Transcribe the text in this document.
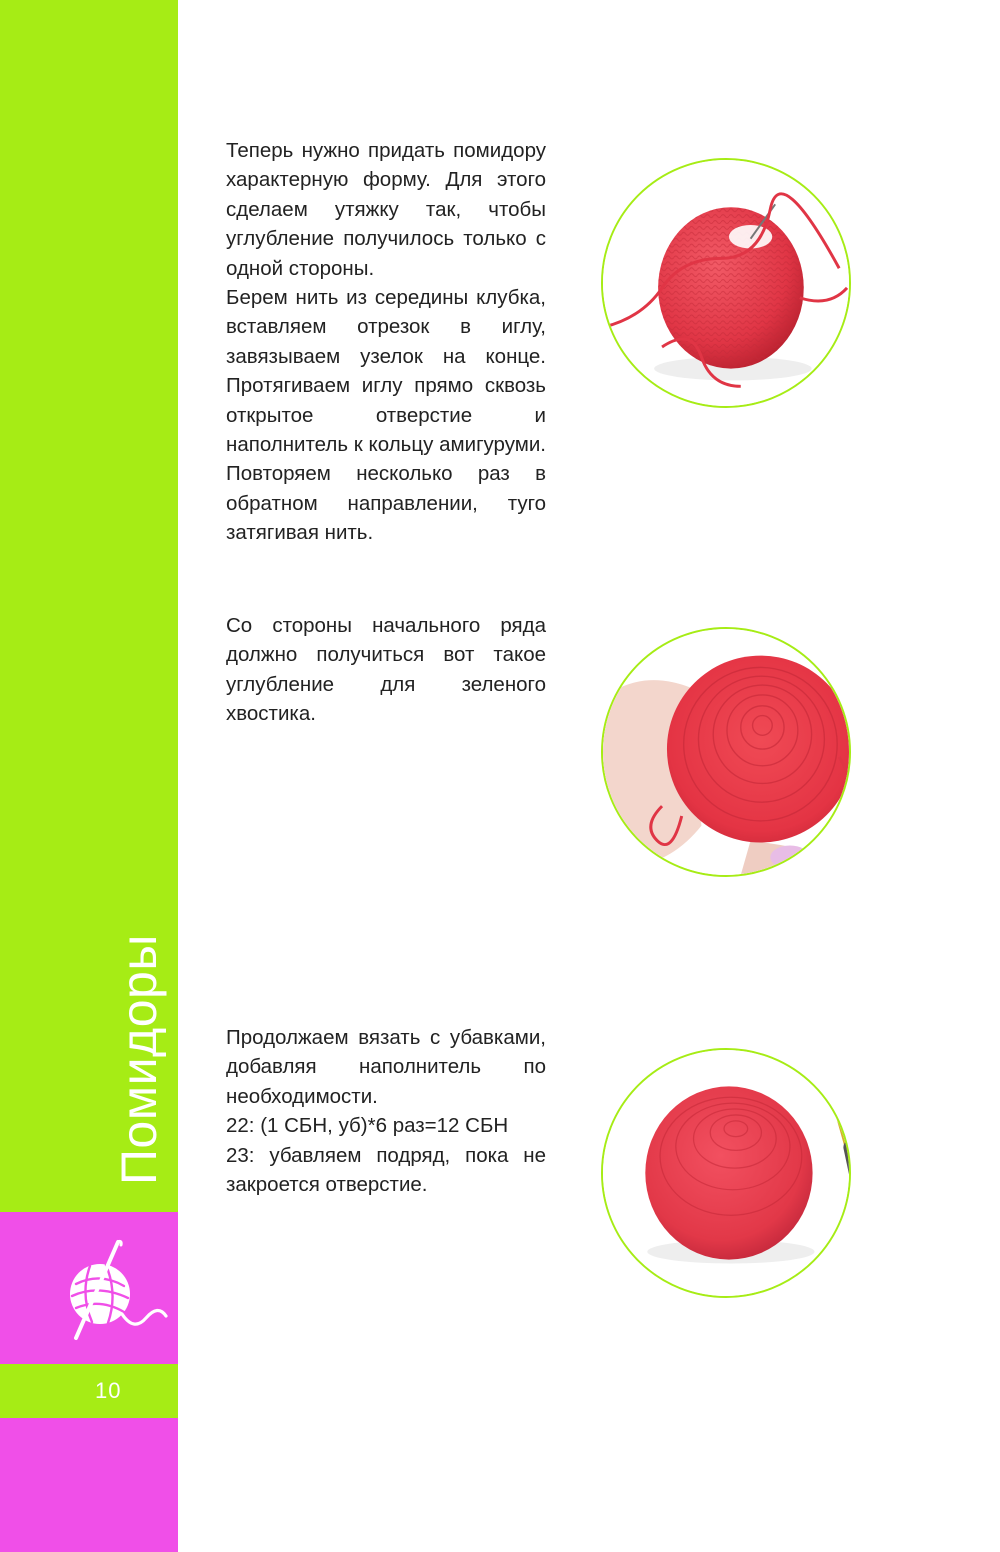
Помидоры
10

Теперь нужно придать помидору характерную форму. Для этого сделаем утяжку так, чтобы углубление получилось только с одной стороны.

Берем нить из середины клубка, вставляем отрезок в иглу, завязываем узелок на конце. Протягиваем иглу прямо сквозь открытое отверстие и наполнитель к кольцу амигуруми. Повторяем несколько раз в обратном направлении, туго затягивая нить.

Со стороны начального ряда должно получиться вот такое углубление для зеленого хвостика.

Продолжаем вязать с убавками, добавляя наполнитель по необходимости.

22: (1 СБН, уб)*6 раз=12 СБН

23: убавляем подряд, пока не закроется отверстие.
